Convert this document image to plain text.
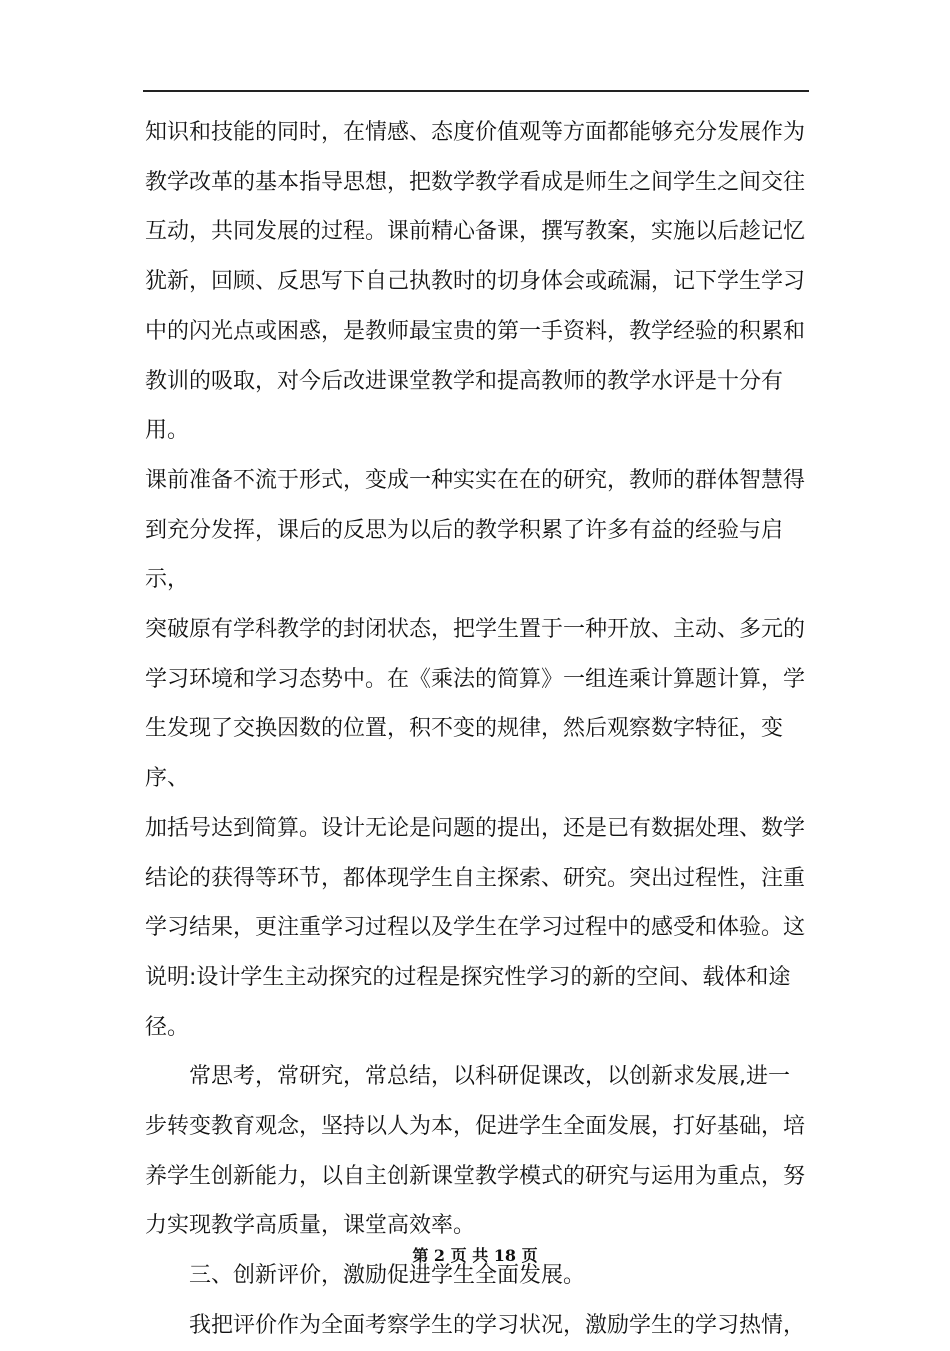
知识和技能的同时，在情感、态度价值观等方面都能够充分发展作为
教学改革的基本指导思想，把数学教学看成是师生之间学生之间交往
互动，共同发展的过程。课前精心备课，撰写教案，实施以后趁记忆
犹新，回顾、反思写下自己执教时的切身体会或疏漏，记下学生学习
中的闪光点或困惑，是教师最宝贵的第一手资料，教学经验的积累和
教训的吸取，对今后改进课堂教学和提高教师的教学水评是十分有用。
课前准备不流于形式，变成一种实实在在的研究，教师的群体智慧得
到充分发挥，课后的反思为以后的教学积累了许多有益的经验与启示，
突破原有学科教学的封闭状态，把学生置于一种开放、主动、多元的
学习环境和学习态势中。在《乘法的简算》一组连乘计算题计算，学
生发现了交换因数的位置，积不变的规律，然后观察数字特征，变序、
加括号达到简算。设计无论是问题的提出，还是已有数据处理、数学
结论的获得等环节，都体现学生自主探索、研究。突出过程性，注重
学习结果，更注重学习过程以及学生在学习过程中的感受和体验。这
说明:设计学生主动探究的过程是探究性学习的新的空间、载体和途
径。

　　常思考，常研究，常总结，以科研促课改，以创新求发展,进一
步转变教育观念，坚持以人为本，促进学生全面发展，打好基础，培
养学生创新能力，以自主创新课堂教学模式的研究与运用为重点，努
力实现教学高质量，课堂高效率。

　　三、创新评价，激励促进学生全面发展。

　　我把评价作为全面考察学生的学习状况，激励学生的学习热情，

第 2 页 共 18 页
